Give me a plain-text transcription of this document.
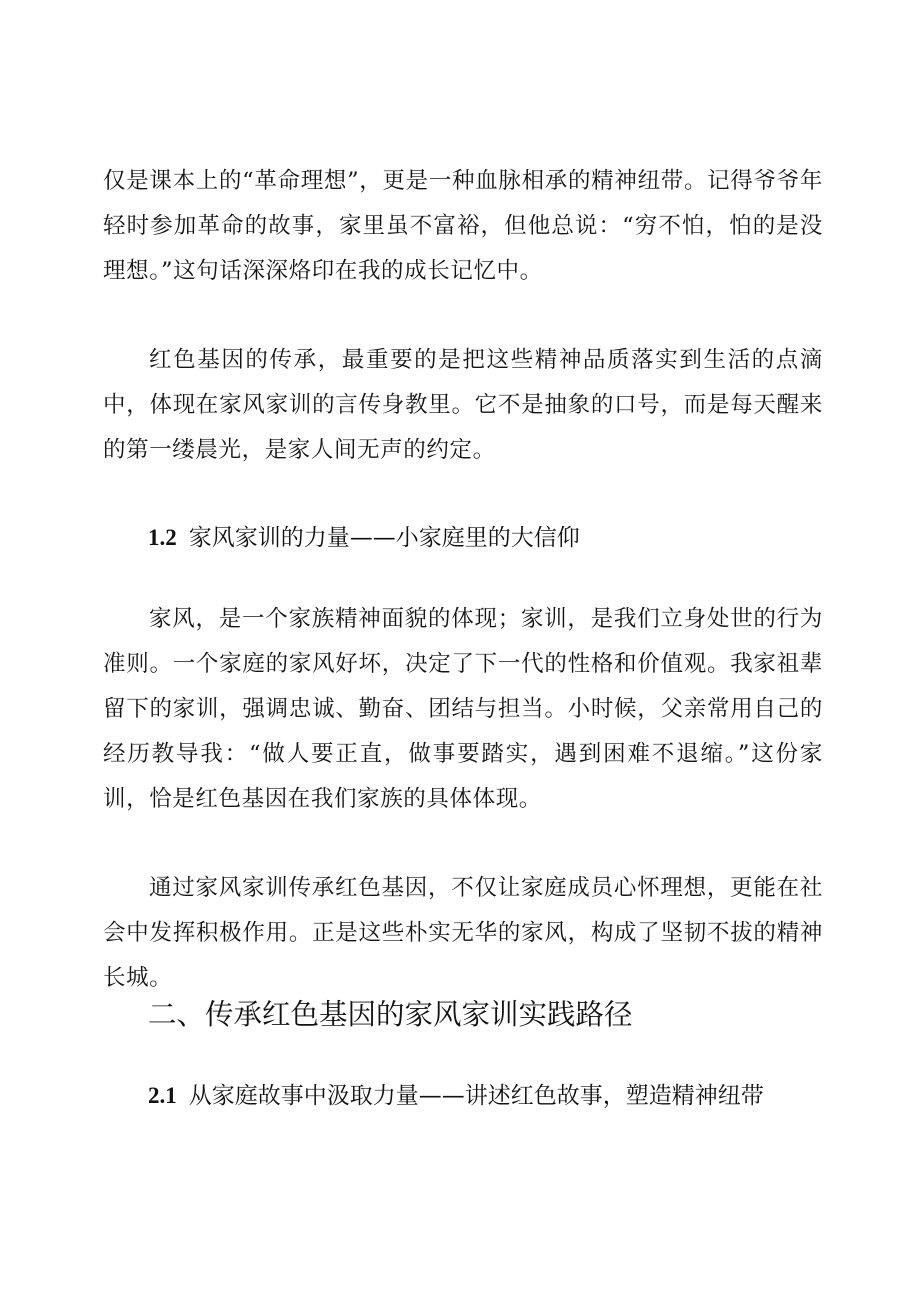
仅是课本上的“革命理想”，更是一种血脉相承的精神纽带。记得爷爷年轻时参加革命的故事，家里虽不富裕，但他总说：“穷不怕，怕的是没理想。”这句话深深烙印在我的成长记忆中。

红色基因的传承，最重要的是把这些精神品质落实到生活的点滴中，体现在家风家训的言传身教里。它不是抽象的口号，而是每天醒来的第一缕晨光，是家人间无声的约定。

1.2 家风家训的力量——小家庭里的大信仰

家风，是一个家族精神面貌的体现；家训，是我们立身处世的行为准则。一个家庭的家风好坏，决定了下一代的性格和价值观。我家祖辈留下的家训，强调忠诚、勤奋、团结与担当。小时候，父亲常用自己的经历教导我：“做人要正直，做事要踏实，遇到困难不退缩。”这份家训，恰是红色基因在我们家族的具体体现。

通过家风家训传承红色基因，不仅让家庭成员心怀理想，更能在社会中发挥积极作用。正是这些朴实无华的家风，构成了坚韧不拔的精神长城。

二、传承红色基因的家风家训实践路径
2.1 从家庭故事中汲取力量——讲述红色故事，塑造精神纽带
